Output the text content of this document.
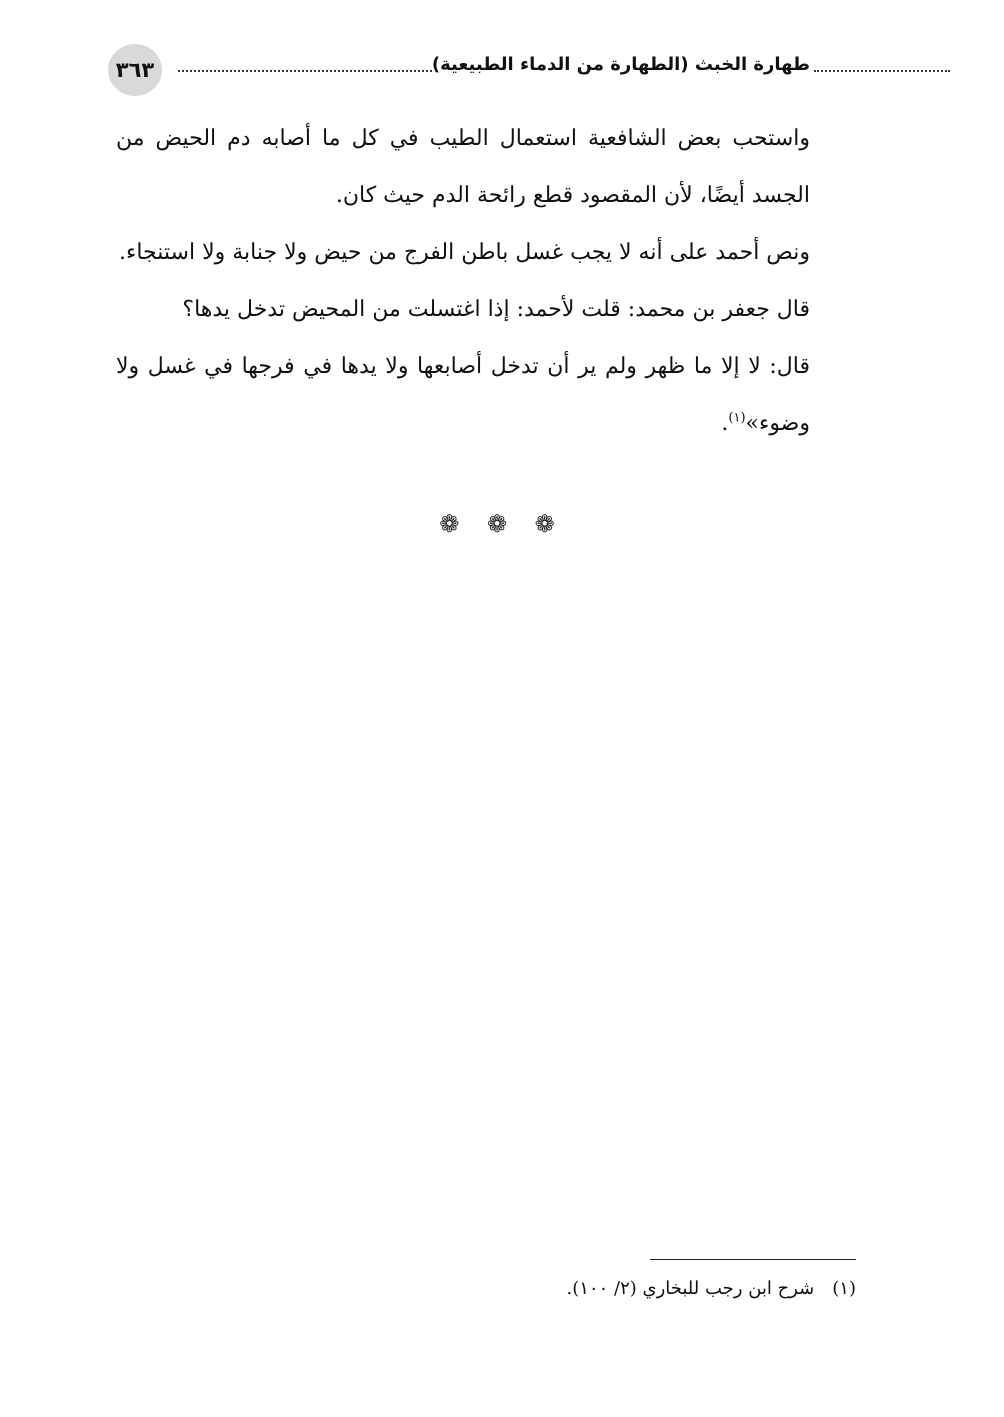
٣٦٣	طهارة الخبث (الطهارة من الدماء الطبيعية)

واستحب بعض الشافعية استعمال الطيب في كل ما أصابه دم الحيض من الجسد أيضًا، لأن المقصود قطع رائحة الدم حيث كان.

ونص أحمد على أنه لا يجب غسل باطن الفرج من حيض ولا جنابة ولا استنجاء.

قال جعفر بن محمد: قلت لأحمد: إذا اغتسلت من المحيض تدخل يدها؟

قال: لا إلا ما ظهر ولم ير أن تدخل أصابعها ولا يدها في فرجها في غسل ولا وضوء»$^{(١)}$.

❁ ❁ ❁
(١)شرح ابن رجب للبخاري (٢/ ١٠٠).
